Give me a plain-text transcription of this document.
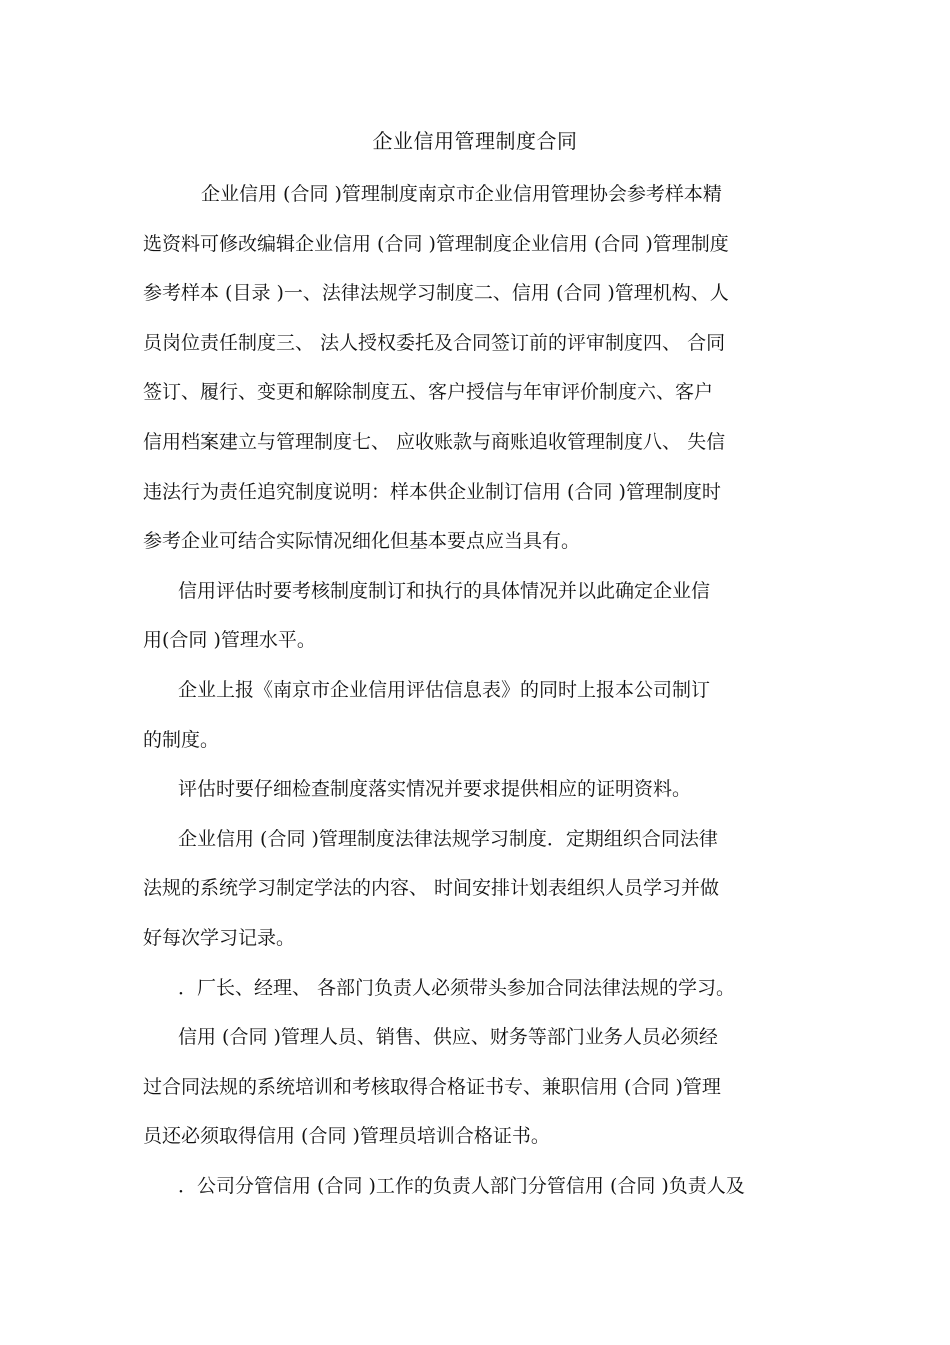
企业信用管理制度合同
企业信用 (合同 )管理制度南京市企业信用管理协会参考样本精
选资料可修改编辑企业信用 (合同 )管理制度企业信用 (合同 )管理制度
参考样本 (目录 )一、法律法规学习制度二、信用 (合同 )管理机构、人
员岗位责任制度三、 法人授权委托及合同签订前的评审制度四、 合同
签订、履行、变更和解除制度五、客户授信与年审评价制度六、客户
信用档案建立与管理制度七、 应收账款与商账追收管理制度八、 失信
违法行为责任追究制度说明：样本供企业制订信用 (合同 )管理制度时
参考企业可结合实际情况细化但基本要点应当具有。
信用评估时要考核制度制订和执行的具体情况并以此确定企业信
用(合同 )管理水平。
企业上报《南京市企业信用评估信息表》的同时上报本公司制订
的制度。
评估时要仔细检查制度落实情况并要求提供相应的证明资料。
企业信用 (合同 )管理制度法律法规学习制度．定期组织合同法律
法规的系统学习制定学法的内容、 时间安排计划表组织人员学习并做
好每次学习记录。
．厂长、经理、 各部门负责人必须带头参加合同法律法规的学习。
信用 (合同 )管理人员、销售、供应、财务等部门业务人员必须经
过合同法规的系统培训和考核取得合格证书专、兼职信用 (合同 )管理
员还必须取得信用 (合同 )管理员培训合格证书。
．公司分管信用 (合同 )工作的负责人部门分管信用 (合同 )负责人及
